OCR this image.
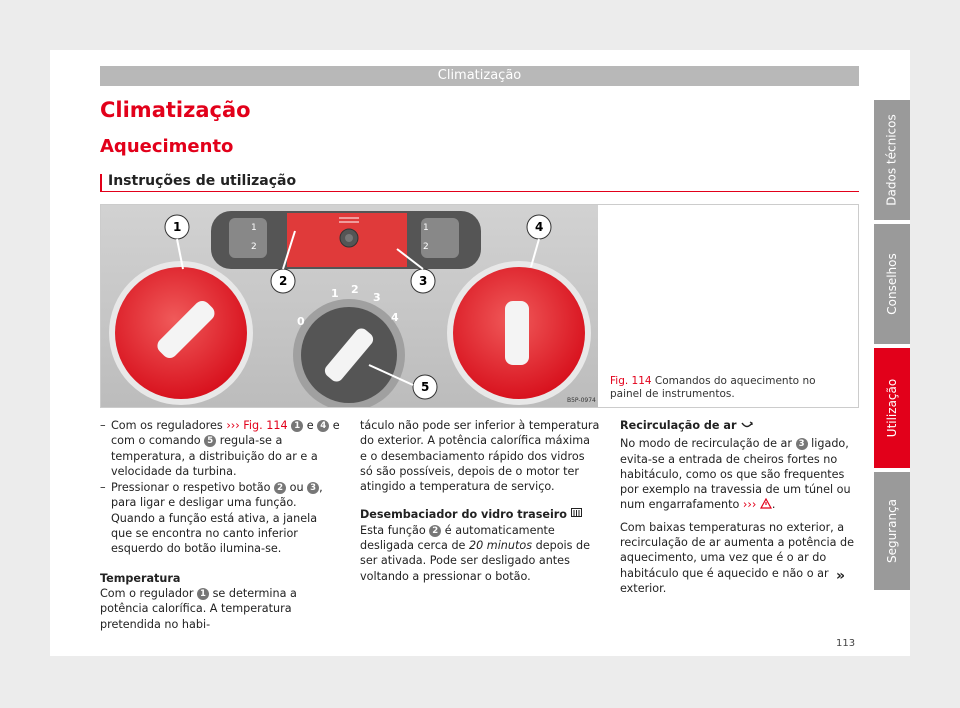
Climatização
Climatização
Aquecimento
Instruções de utilização
1
2
1
2
0
1 2
3
4
1
2	3
4
5
B5P-0974
Fig. 114 Comandos do aquecimento no painel de instrumentos.
– Com os reguladores ››› Fig. 114 1 e 4 e com o comando 5 regula-se a temperatura, a distribuição do ar e a velocidade da turbina.
– Pressionar o respetivo botão 2 ou 3 , para ligar e desligar uma função. Quando a função está ativa, a janela que se encontra no canto inferior esquerdo do botão ilumina-se.
Temperatura
Com o regulador 1 se determina a potência calorífica. A temperatura pretendida no habi-
táculo não pode ser inferior à temperatura do exterior. A potência calorífica máxima e o desembaciamento rápido dos vidros só são possíveis, depois de o motor ter atingido a temperatura de serviço.
Desembaciador do vidro traseiro
Esta função 2 é automaticamente desligada cerca de 20 minutos depois de ser ativada. Pode ser desligado antes voltando a pressionar o botão.
Recirculação de ar
No modo de recirculação de ar 3 ligado, evita-se a entrada de cheiros fortes no habitáculo, como os que são frequentes por exemplo na travessia de um túnel ou num engarrafamento ››› .
Com baixas temperaturas no exterior, a recirculação de ar aumenta a potência de aquecimento, uma vez que é o ar do habitáculo que é aquecido e não o ar exterior.
»
Dados técnicos
Conselhos
Utilização
Segurança
113
